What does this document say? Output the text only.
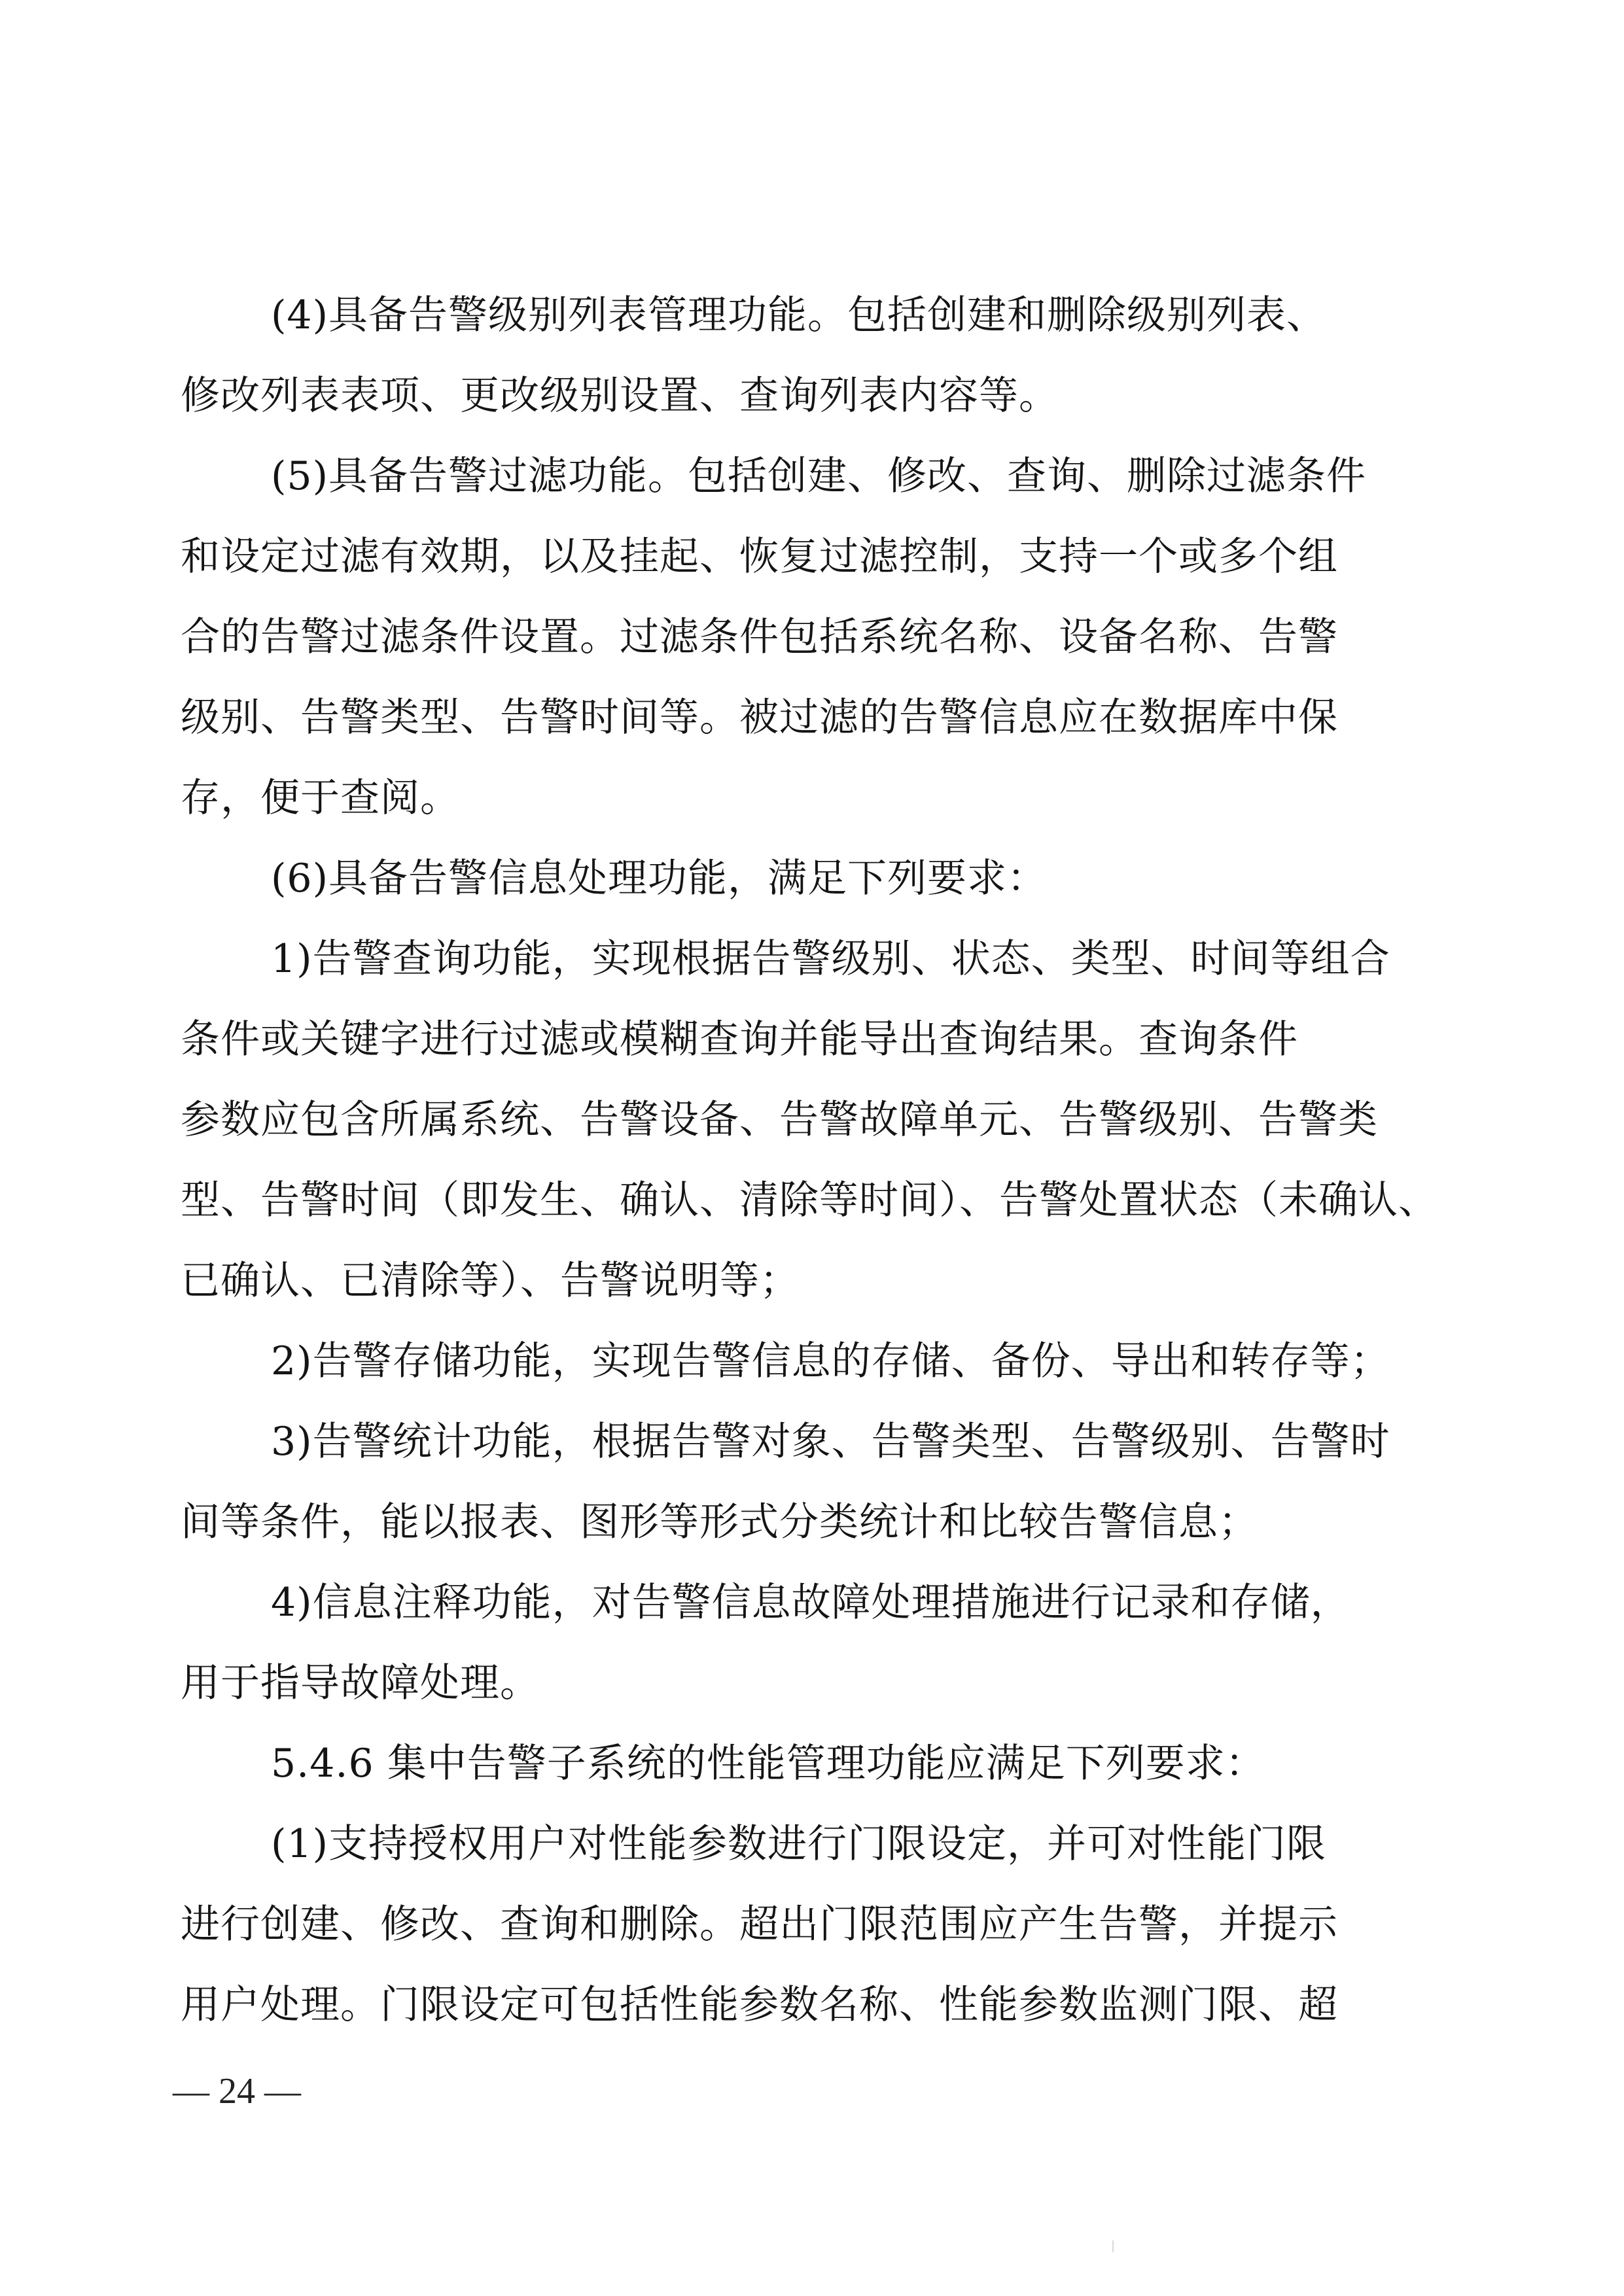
(4)具备告警级别列表管理功能。包括创建和删除级别列表、
修改列表表项、更改级别设置、查询列表内容等。
(5)具备告警过滤功能。包括创建、修改、查询、删除过滤条件
和设定过滤有效期，以及挂起、恢复过滤控制，支持一个或多个组
合的告警过滤条件设置。过滤条件包括系统名称、设备名称、告警
级别、告警类型、告警时间等。被过滤的告警信息应在数据库中保
存，便于查阅。
(6)具备告警信息处理功能，满足下列要求：
1)告警查询功能，实现根据告警级别、状态、类型、时间等组合
条件或关键字进行过滤或模糊查询并能导出查询结果。查询条件
参数应包含所属系统、告警设备、告警故障单元、告警级别、告警类
型、告警时间（即发生、确认、清除等时间）、告警处置状态（未确认、
已确认、已清除等）、告警说明等；
2)告警存储功能，实现告警信息的存储、备份、导出和转存等；
3)告警统计功能，根据告警对象、告警类型、告警级别、告警时
间等条件，能以报表、图形等形式分类统计和比较告警信息；
4)信息注释功能，对告警信息故障处理措施进行记录和存储，
用于指导故障处理。
5.4.6 集中告警子系统的性能管理功能应满足下列要求：
(1)支持授权用户对性能参数进行门限设定，并可对性能门限
进行创建、修改、查询和删除。超出门限范围应产生告警，并提示
用户处理。门限设定可包括性能参数名称、性能参数监测门限、超
— 24 —
